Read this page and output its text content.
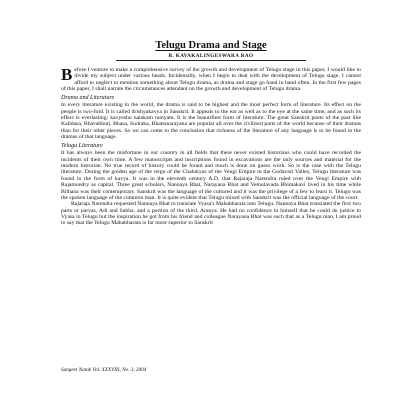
Telugu Drama and Stage
B. KAVAKALINGESWARA RAO

Before I venture to make a comprehensive survey of the growth and development of Telugu stage in this paper, I would like to divide my subject under various heads. Incidentally, when I begin to deal with the development of Telugu stage, I cannot afford to neglect to mention something about Telugu drama, as drama and stage go hand in hand often. In the first few pages of this paper, I shall narrate the circumstances attendant on the growth and development of Telugu drama.

Drama and Literature

In every literature existing in the world, the drama is said to be highest and the most perfect form of literature. Its effect on the people is two-fold. It is called drishyakavya in Sanskrit. It appeals to the ear as well as to the eye at the same time, and as such its effect is everlasting: kavyeshu natakam ramyam. It is the beautifiest form of literature. The great Sanskrit poets of the past like Kalidasa, Bhavabhuti, Bhasa, Sudraka, Bhattanarayana are popular all over the civilised parts of the world because of their dramas than for their other pieces. So we can come to the conclusion that richness of the literature of any language is to be found in the dramas of that language.

Telugu Literature

It has always been the misfortune in our country in all fields that there never existed historians who could have recorded the incidents of their own time. A few manuscripts and inscriptions found in excavations are the only sources and material for the modern historian. No true record of history could be found and much is done on guess work. So is the case with the Telugu literature. During the golden age of the reign of the Chalukyas of the Vengi Empire in the Godavari Valley, Telugu literature was found in the form of kavya. It was in the eleventh century A.D. that Rajaraja Narendra ruled over the Vengi Empire with Rajamundry as capital. Three great scholars, Nannaya Bhat, Narayana Bhat and Vemulavada Bhimakavi lived in his time while Bilhana was their contemporary. Sanskrit was the language of the cultured and it was the privilege of a few to learn it. Telugu was the spoken language of the common man. It is quite evident that Telugu mixed with Sanskrit was the official language of the court.

Rajaraja Narendra requested Nannaya Bhat to translate Vyasa's Mahabharata into Telugu. Nannaya Bhat translated the first two parts or parvas, Adi and Sabha, and a portion of the third, Aranya. He had no confidence in himself that he could do justice to Vyasa in Telugu but the inspiration he got from his friend and colleague Narayana Bhat was such that as a Telugu man, I am proud to say that the Telugu Mahabharata is far more superior to Sanskrit

Sangeet Natak Vol. XXXVIII, No. 3, 2004
